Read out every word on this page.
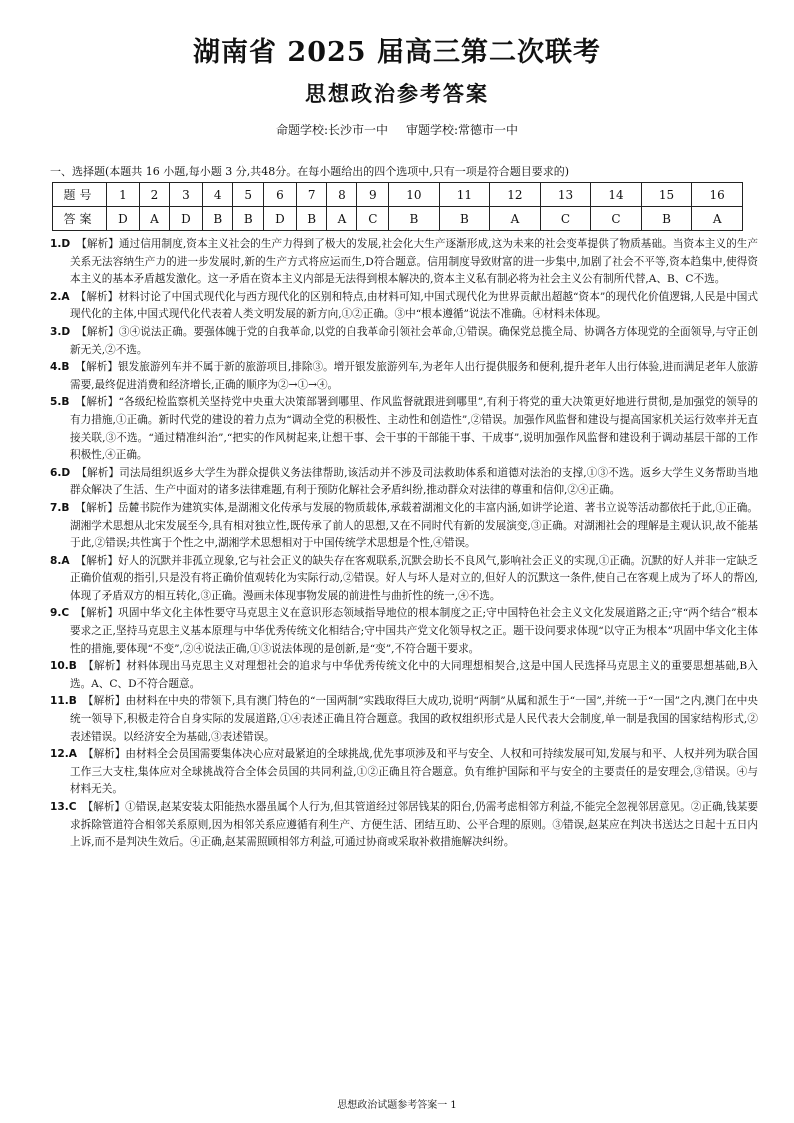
湖南省 2025 届高三第二次联考
思想政治参考答案
命题学校:长沙市一中 审题学校:常德市一中
一、选择题(本题共 16 小题,每小题 3 分,共48分。在每小题给出的四个选项中,只有一项是符合题目要求的)
题号	1	2	3	4	5	6	7	8	9	10	11	12	13	14	15	16
答案	D	A	D	B	B	D	B	A	C	B	B	A	C	C	B	A

1.D 【解析】通过信用制度,资本主义社会的生产力得到了极大的发展,社会化大生产逐渐形成,这为未来的社会变革提供了物质基础。当资本主义的生产关系无法容纳生产力的进一步发展时,新的生产方式将应运而生,D符合题意。信用制度导致财富的进一步集中,加剧了社会不平等,资本趋集中,使得资本主义的基本矛盾越发激化。这一矛盾在资本主义内部是无法得到根本解决的,资本主义私有制必将为社会主义公有制所代替,A、B、C不选。

2.A 【解析】材料讨论了中国式现代化与西方现代化的区别和特点,由材料可知,中国式现代化为世界贡献出超越“资本”的现代化价值逻辑,人民是中国式现代化的主体,中国式现代化代表着人类文明发展的新方向,①②正确。③中“根本遵循”说法不准确。④材料未体现。

3.D 【解析】③④说法正确。要强体魄于党的自我革命,以党的自我革命引领社会革命,①错误。确保党总揽全局、协调各方体现党的全面领导,与守正创新无关,②不选。

4.B 【解析】银发旅游列车并不属于新的旅游项目,排除③。增开银发旅游列车,为老年人出行提供服务和便利,提升老年人出行体验,进而满足老年人旅游需要,最终促进消费和经济增长,正确的顺序为②→①→④。

5.B 【解析】“各级纪检监察机关坚持党中央重大决策部署到哪里、作风监督就跟进到哪里”,有利于将党的重大决策更好地进行贯彻,是加强党的领导的有力措施,①正确。新时代党的建设的着力点为“调动全党的积极性、主动性和创造性”,②错误。加强作风监督和建设与提高国家机关运行效率并无直接关联,③不选。“通过精准纠治”,“把实的作风树起来,让想干事、会干事的干部能干事、干成事”,说明加强作风监督和建设利于调动基层干部的工作积极性,④正确。

6.D 【解析】司法局组织返乡大学生为群众提供义务法律帮助,该活动并不涉及司法救助体系和道德对法治的支撑,①③不选。返乡大学生义务帮助当地群众解决了生活、生产中面对的诸多法律难题,有利于预防化解社会矛盾纠纷,推动群众对法律的尊重和信仰,②④正确。

7.B 【解析】岳麓书院作为建筑实体,是湖湘文化传承与发展的物质载体,承载着湖湘文化的丰富内涵,如讲学论道、著书立说等活动都依托于此,①正确。湖湘学术思想从北宋发展至今,具有相对独立性,既传承了前人的思想,又在不同时代有新的发展演变,③正确。对湖湘社会的理解是主观认识,故不能基于此,②错误;共性寓于个性之中,湖湘学术思想相对于中国传统学术思想是个性,④错误。

8.A 【解析】好人的沉默并非孤立现象,它与社会正义的缺失存在客观联系,沉默会助长不良风气,影响社会正义的实现,①正确。沉默的好人并非一定缺乏正确价值观的指引,只是没有将正确价值观转化为实际行动,②错误。好人与坏人是对立的,但好人的沉默这一条件,使自己在客观上成为了坏人的帮凶,体现了矛盾双方的相互转化,③正确。漫画未体现事物发展的前进性与曲折性的统一,④不选。

9.C 【解析】巩固中华文化主体性要守马克思主义在意识形态领域指导地位的根本制度之正;守中国特色社会主义文化发展道路之正;守“两个结合”根本要求之正,坚持马克思主义基本原理与中华优秀传统文化相结合;守中国共产党文化领导权之正。题干设问要求体现“以守正为根本”巩固中华文化主体性的措施,要体现“不变”,②④说法正确,①③说法体现的是创新,是“变”,不符合题干要求。

10.B 【解析】材料体现出马克思主义对理想社会的追求与中华优秀传统文化中的大同理想相契合,这是中国人民选择马克思主义的重要思想基础,B入选。A、C、D不符合题意。

11.B 【解析】由材料在中央的带领下,具有澳门特色的“一国两制”实践取得巨大成功,说明“两制”从属和派生于“一国”,并统一于“一国”之内,澳门在中央统一领导下,积极走符合自身实际的发展道路,①④表述正确且符合题意。我国的政权组织形式是人民代表大会制度,单一制是我国的国家结构形式,②表述错误。以经济安全为基础,③表述错误。

12.A 【解析】由材料全会员国需要集体决心应对最紧迫的全球挑战,优先事项涉及和平与安全、人权和可持续发展可知,发展与和平、人权并列为联合国工作三大支柱,集体应对全球挑战符合全体会员国的共同利益,①②正确且符合题意。负有维护国际和平与安全的主要责任的是安理会,③错误。④与材料无关。

13.C 【解析】①错误,赵某安装太阳能热水器虽属个人行为,但其管道经过邻居钱某的阳台,仍需考虑相邻方利益,不能完全忽视邻居意见。②正确,钱某要求拆除管道符合相邻关系原则,因为相邻关系应遵循有利生产、方便生活、团结互助、公平合理的原则。③错误,赵某应在判决书送达之日起十五日内上诉,而不是判决生效后。④正确,赵某需照顾相邻方利益,可通过协商或采取补救措施解决纠纷。

思想政治试题参考答案一 1
